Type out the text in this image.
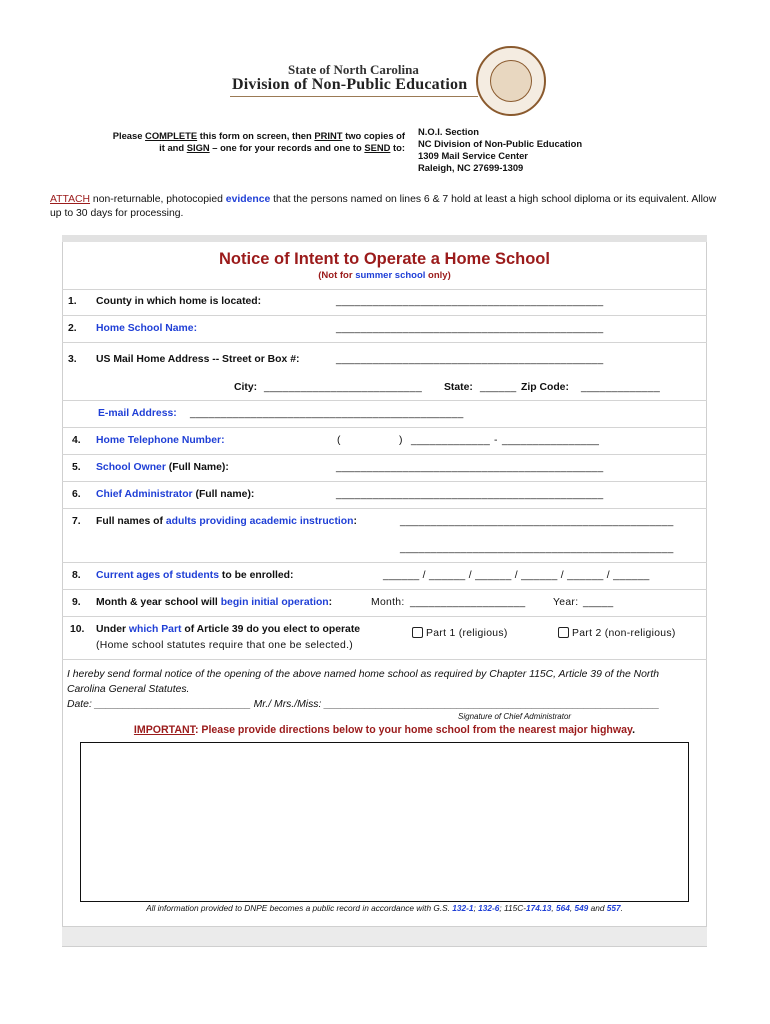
State of North Carolina
Division of Non-Public Education
Please COMPLETE this form on screen, then PRINT two copies of it and SIGN – one for your records and one to SEND to:
N.O.I. Section
NC Division of Non-Public Education
1309 Mail Service Center
Raleigh, NC 27699-1309
ATTACH non-returnable, photocopied evidence that the persons named on lines 6 & 7 hold at least a high school diploma or its equivalent. Allow up to 30 days for processing.
Notice of Intent to Operate a Home School
(Not for summer school only)
1. County in which home is located:	____________________________________________
2. Home School Name:	____________________________________________
3. US Mail Home Address -- Street or Box #:	____________________________________________
City: __________________________ State: ______ Zip Code: _____________
E-mail Address: _____________________________________________
4. Home Telephone Number:	(	) _____________ - ________________
5. School Owner (Full Name):	____________________________________________
6. Chief Administrator (Full name):	____________________________________________
7. Full names of adults providing academic instruction:	_____________________________________________
_____________________________________________
8. Current ages of students to be enrolled:	______ / ______ / ______ / ______ / ______ / ______
9. Month & year school will begin initial operation:	Month: ___________________	Year: _____
10. Under which Part of Article 39 do you elect to operate
(Home school statutes require that one be selected.)
Part 1 (religious)	Part 2 (non-religious)
I hereby send formal notice of the opening of the above named home school as required by Chapter 115C, Article 39 of the North Carolina General Statutes.
Date: ___________________________ Mr./ Mrs./Miss: __________________________________________________________
Signature of Chief Administrator
IMPORTANT: Please provide directions below to your home school from the nearest major highway.
All information provided to DNPE becomes a public record in accordance with G.S. 132-1; 132-6; 115C-174.13, 564, 549 and 557.
